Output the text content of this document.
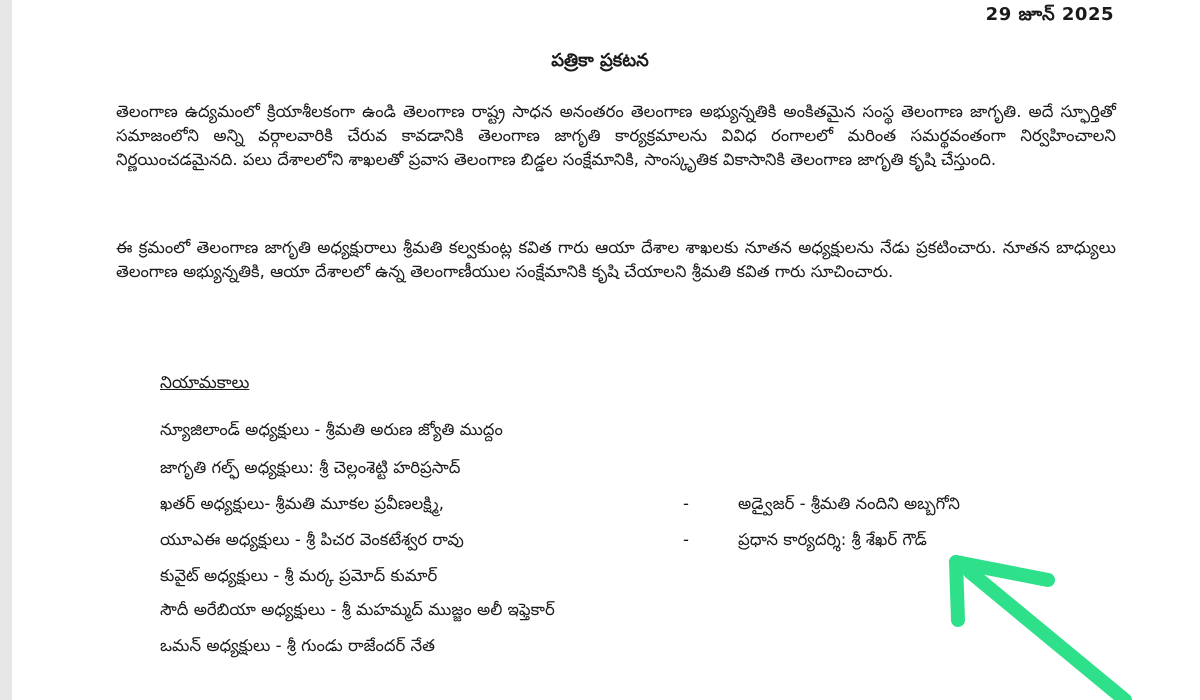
29 జూన్ 2025
పత్రికా ప్రకటన

తెలంగాణ ఉద్యమంలో క్రియాశీలకంగా ఉండి తెలంగాణ రాష్ట్ర సాధన అనంతరం తెలంగాణ అభ్యున్నతికి అంకితమైన సంస్థ తెలంగాణ జాగృతి. అదే స్ఫూర్తితో సమాజంలోని అన్ని వర్గాలవారికి చేరువ కావడానికి తెలంగాణ జాగృతి కార్యక్రమాలను వివిధ రంగాలలో మరింత సమర్థవంతంగా నిర్వహించాలని నిర్ణయించడమైనది. పలు దేశాలలోని శాఖలతో ప్రవాస తెలంగాణ బిడ్డల సంక్షేమానికి, సాంస్కృతిక వికాసానికి తెలంగాణ జాగృతి కృషి చేస్తుంది.

ఈ క్రమంలో తెలంగాణ జాగృతి అధ్యక్షురాలు శ్రీమతి కల్వకుంట్ల కవిత గారు ఆయా దేశాల శాఖలకు నూతన అధ్యక్షులను నేడు ప్రకటించారు. నూతన బాధ్యులు తెలంగాణ అభ్యున్నతికి, ఆయా దేశాలలో ఉన్న తెలంగాణీయుల సంక్షేమానికి కృషి చేయాలని శ్రీమతి కవిత గారు సూచించారు.

నియామకాలు
న్యూజిలాండ్ అధ్యక్షులు - శ్రీమతి అరుణ జ్యోతి ముద్దం
జాగృతి గల్ఫ్ అధ్యక్షులు: శ్రీ చెల్లంశెట్టి హరిప్రసాద్
ఖతర్ అధ్యక్షులు- శ్రీమతి మూకల ప్రవీణలక్ష్మి,	-	అడ్వైజర్ - శ్రీమతి నందిని అబ్బగోని
యూఎఈ అధ్యక్షులు - శ్రీ పిచర వెంకటేశ్వర రావు	-	ప్రధాన కార్యదర్శి: శ్రీ శేఖర్ గౌడ్
కువైట్ అధ్యక్షులు - శ్రీ మర్క ప్రమోద్ కుమార్
సౌదీ అరేబియా అధ్యక్షులు - శ్రీ మహమ్మద్ ముజ్జం అలీ ఇఫ్తెకార్
ఒమన్ అధ్యక్షులు - శ్రీ గుండు రాజేందర్ నేత
